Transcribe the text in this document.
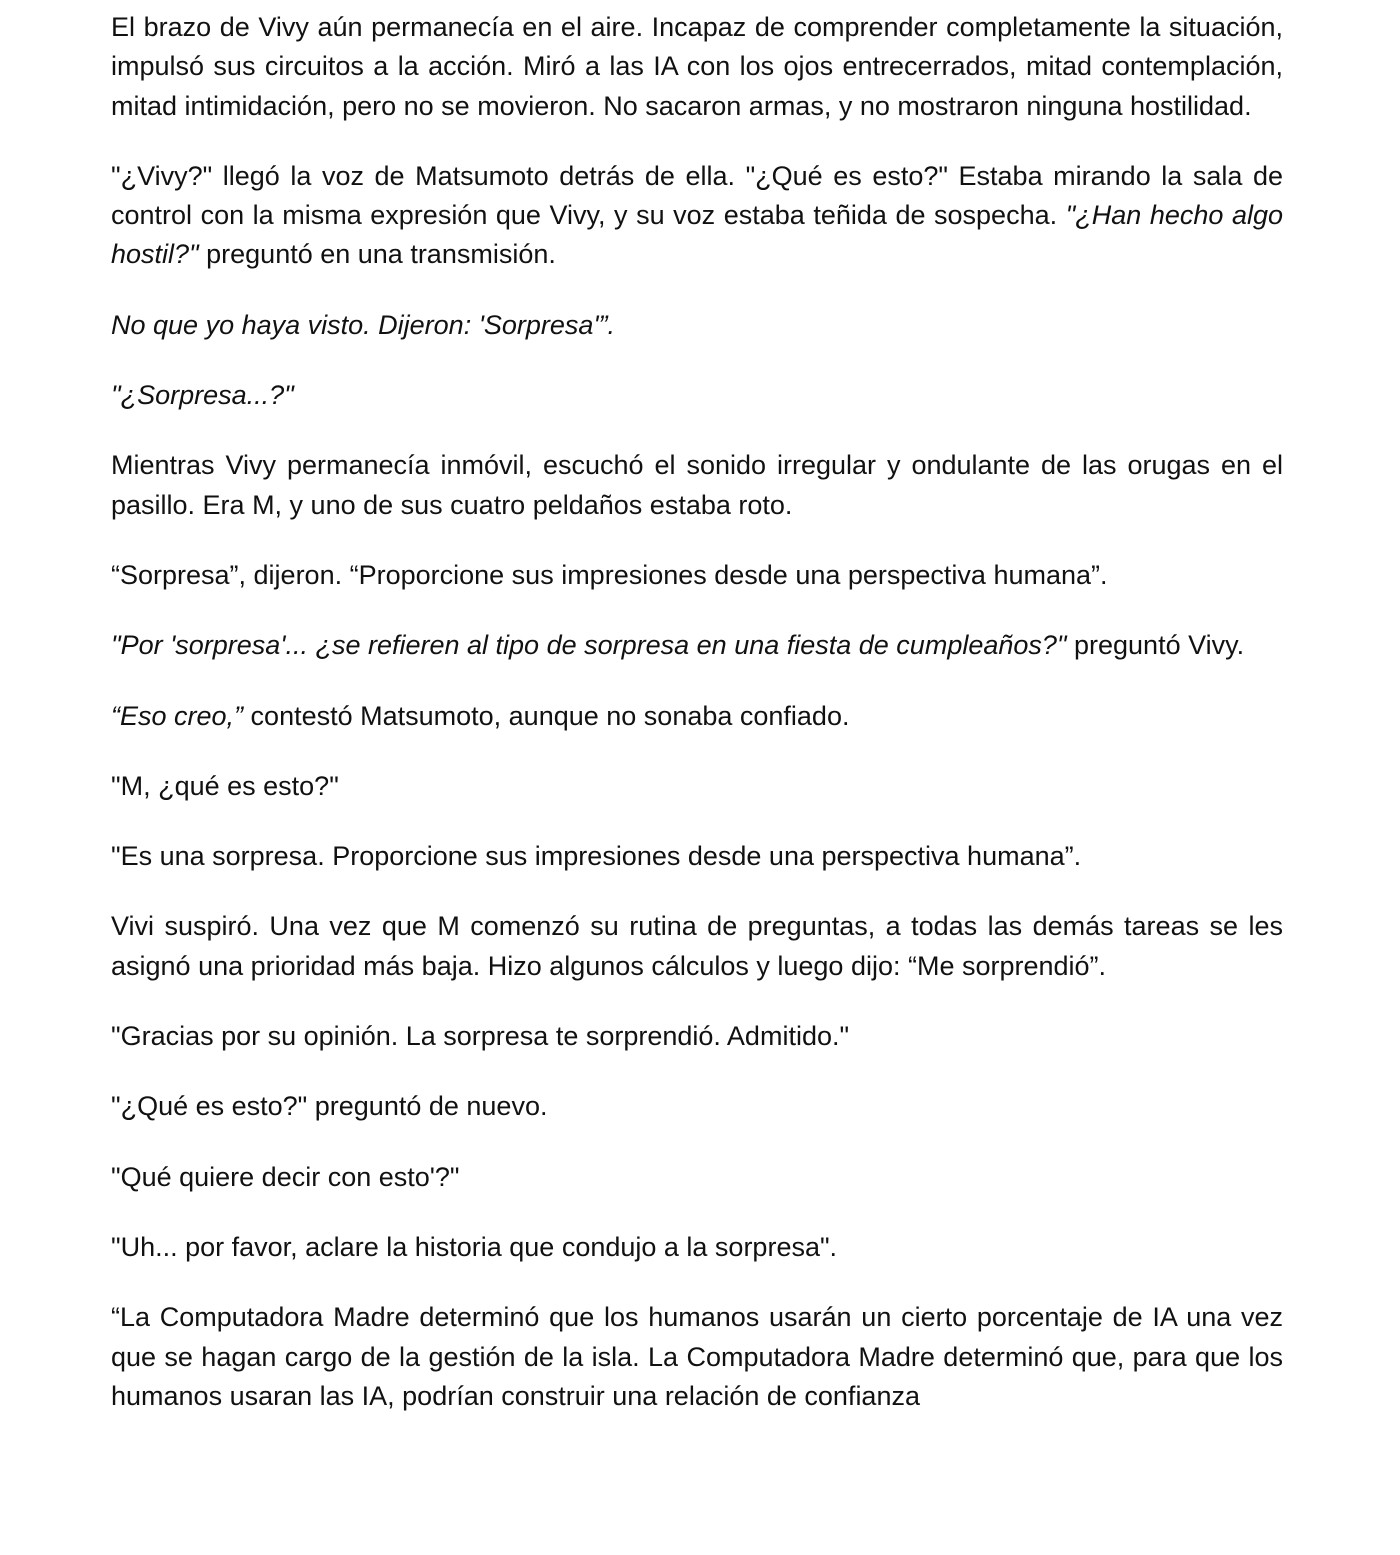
El brazo de Vivy aún permanecía en el aire. Incapaz de comprender completamente la situación, impulsó sus circuitos a la acción. Miró a las IA con los ojos entrecerrados, mitad contemplación, mitad intimidación, pero no se movieron. No sacaron armas, y no mostraron ninguna hostilidad.

"¿Vivy?" llegó la voz de Matsumoto detrás de ella. "¿Qué es esto?" Estaba mirando la sala de control con la misma expresión que Vivy, y su voz estaba teñida de sospecha. "¿Han hecho algo hostil?" preguntó en una transmisión.

No que yo haya visto. Dijeron: 'Sorpresa'”.

"¿Sorpresa...?"

Mientras Vivy permanecía inmóvil, escuchó el sonido irregular y ondulante de las orugas en el pasillo. Era M, y uno de sus cuatro peldaños estaba roto.

“Sorpresa”, dijeron. “Proporcione sus impresiones desde una perspectiva humana”.

"Por 'sorpresa'... ¿se refieren al tipo de sorpresa en una fiesta de cumpleaños?" preguntó Vivy.

“Eso creo,” contestó Matsumoto, aunque no sonaba confiado.

"M, ¿qué es esto?"

"Es una sorpresa. Proporcione sus impresiones desde una perspectiva humana”.

Vivi suspiró. Una vez que M comenzó su rutina de preguntas, a todas las demás tareas se les asignó una prioridad más baja. Hizo algunos cálculos y luego dijo: “Me sorprendió”.

"Gracias por su opinión. La sorpresa te sorprendió. Admitido."

"¿Qué es esto?" preguntó de nuevo.

"Qué quiere decir con esto'?"

"Uh... por favor, aclare la historia que condujo a la sorpresa".

“La Computadora Madre determinó que los humanos usarán un cierto porcentaje de IA una vez que se hagan cargo de la gestión de la isla. La Computadora Madre determinó que, para que los humanos usaran las IA, podrían construir una relación de confianza
